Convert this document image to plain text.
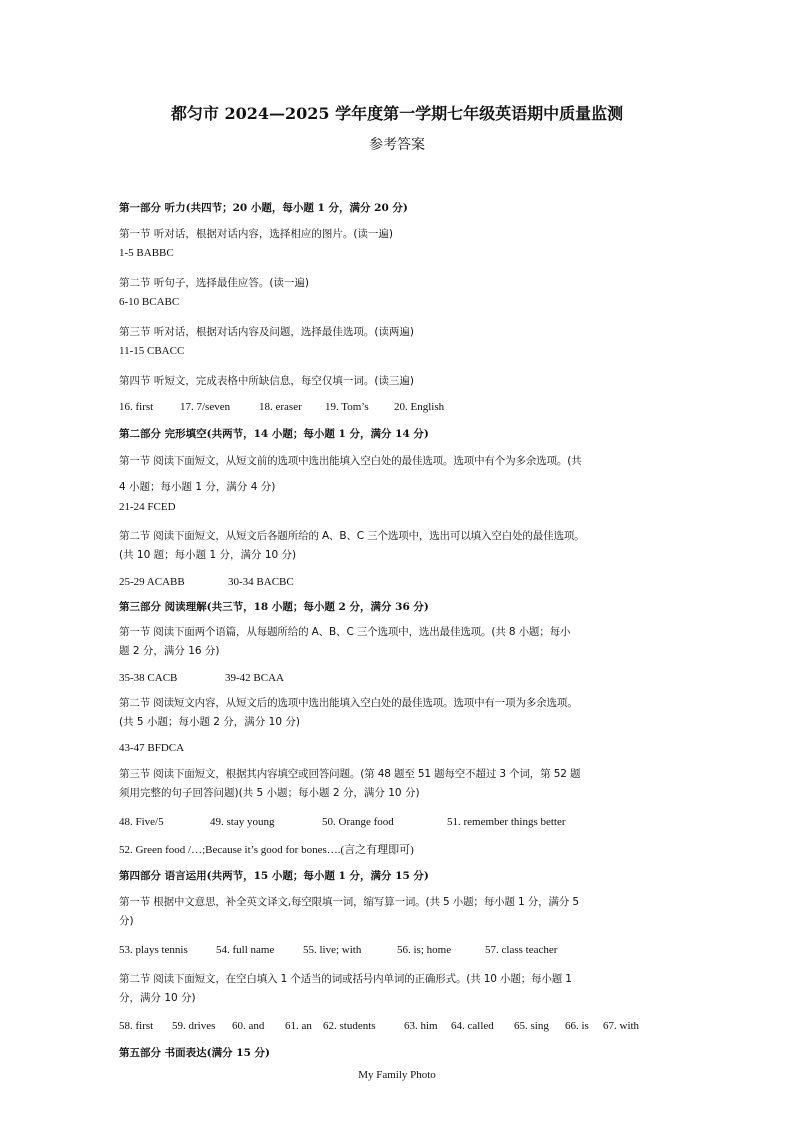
都匀市 2024—2025 学年度第一学期七年级英语期中质量监测
参考答案
第一部分 听力(共四节；20 小题，每小题 1 分，满分 20 分)
第一节 听对话，根据对话内容，选择相应的图片。(读一遍)
1-5 BABBC
第二节 听句子，选择最佳应答。(读一遍)
6-10 BCABC
第三节 听对话，根据对话内容及问题，选择最佳选项。(读两遍)
11-15 CBACC
第四节 听短文，完成表格中所缺信息，每空仅填一词。(读三遍)
16. first 17. 7/seven	18. eraser 19. Tom’s 20. English
第二部分 完形填空(共两节，14 小题；每小题 1 分，满分 14 分)
第一节 阅读下面短文，从短文前的选项中选出能填入空白处的最佳选项。选项中有个为多余选项。(共
4 小题；每小题 1 分，满分 4 分)
21-24 FCED
第二节 阅读下面短文，从短文后各题所给的 A、B、C 三个选项中，选出可以填入空白处的最佳选项。
(共 10 题；每小题 1 分，满分 10 分)
25-29 ACABB	30-34 BACBC
第三部分 阅读理解(共三节，18 小题；每小题 2 分，满分 36 分)
第一节 阅读下面两个语篇，从每题所给的 A、B、C 三个选项中，选出最佳选项。(共 8 小题；每小
题 2 分，满分 16 分)
35-38 CACB	39-42 BCAA
第二节 阅读短文内容，从短文后的选项中选出能填入空白处的最佳选项。选项中有一项为多余选项。
(共 5 小题；每小题 2 分，满分 10 分)
43-47 BFDCA
第三节 阅读下面短文，根据其内容填空或回答问题。(第 48 题至 51 题每空不超过 3 个词，第 52 题
须用完整的句子回答问题)(共 5 小题；每小题 2 分，满分 10 分)
48. Five/5	49. stay young	50. Orange food	51. remember things better
52. Green food /…;Because it’s good for bones….(言之有理即可)
第四部分 语言运用(共两节，15 小题；每小题 1 分，满分 15 分)
第一节 根据中文意思，补全英文译文,每空限填一词，缩写算一词。(共 5 小题；每小题 1 分，满分 5
分)
53. plays tennis	54. full name	55. live; with	56. is; home	57. class teacher
第二节 阅读下面短文，在空白填入 1 个适当的词或括号内单词的正确形式。(共 10 小题；每小题 1
分，满分 10 分)
58. first 59. drives 60. and 61. an 62. students	63. him 64. called 65. sing 66. is 67. with
第五部分 书面表达(满分 15 分)
My Family Photo
